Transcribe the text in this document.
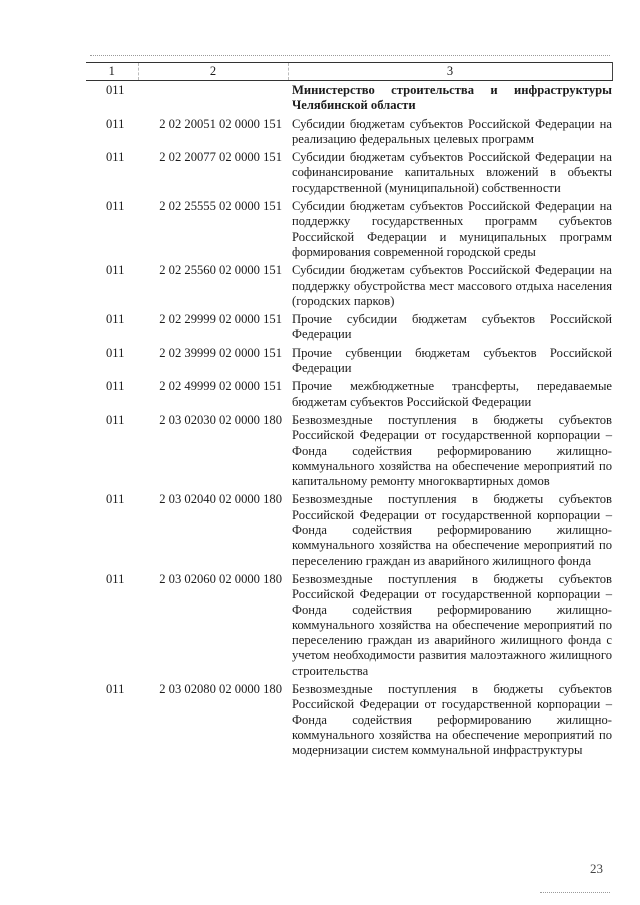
1	2	3
011		Министерство строительства и инфраструктуры Челябинской области
011	2 02 20051 02 0000 151	Субсидии бюджетам субъектов Российской Федерации на реализацию федеральных целевых программ
011	2 02 20077 02 0000 151	Субсидии бюджетам субъектов Российской Федерации на софинансирование капитальных вложений в объекты государственной (муниципальной) собственности
011	2 02 25555 02 0000 151	Субсидии бюджетам субъектов Российской Федерации на поддержку государственных программ субъектов Российской Федерации и муниципальных программ формирования современной городской среды
011	2 02 25560 02 0000 151	Субсидии бюджетам субъектов Российской Федерации на поддержку обустройства мест массового отдыха населения (городских парков)
011	2 02 29999 02 0000 151	Прочие субсидии бюджетам субъектов Российской Федерации
011	2 02 39999 02 0000 151	Прочие субвенции бюджетам субъектов Российской Федерации
011	2 02 49999 02 0000 151	Прочие межбюджетные трансферты, передаваемые бюджетам субъектов Российской Федерации
011	2 03 02030 02 0000 180	Безвозмездные поступления в бюджеты субъектов Российской Федерации от государственной корпорации – Фонда содействия реформированию жилищно-коммунального хозяйства на обеспечение мероприятий по капитальному ремонту многоквартирных домов
011	2 03 02040 02 0000 180	Безвозмездные поступления в бюджеты субъектов Российской Федерации от государственной корпорации – Фонда содействия реформированию жилищно-коммунального хозяйства на обеспечение мероприятий по переселению граждан из аварийного жилищного фонда
011	2 03 02060 02 0000 180	Безвозмездные поступления в бюджеты субъектов Российской Федерации от государственной корпорации – Фонда содействия реформированию жилищно-коммунального хозяйства на обеспечение мероприятий по переселению граждан из аварийного жилищного фонда с учетом необходимости развития малоэтажного жилищного строительства
011	2 03 02080 02 0000 180	Безвозмездные поступления в бюджеты субъектов Российской Федерации от государственной корпорации – Фонда содействия реформированию жилищно-коммунального хозяйства на обеспечение мероприятий по модернизации систем коммунальной инфраструктуры
23
